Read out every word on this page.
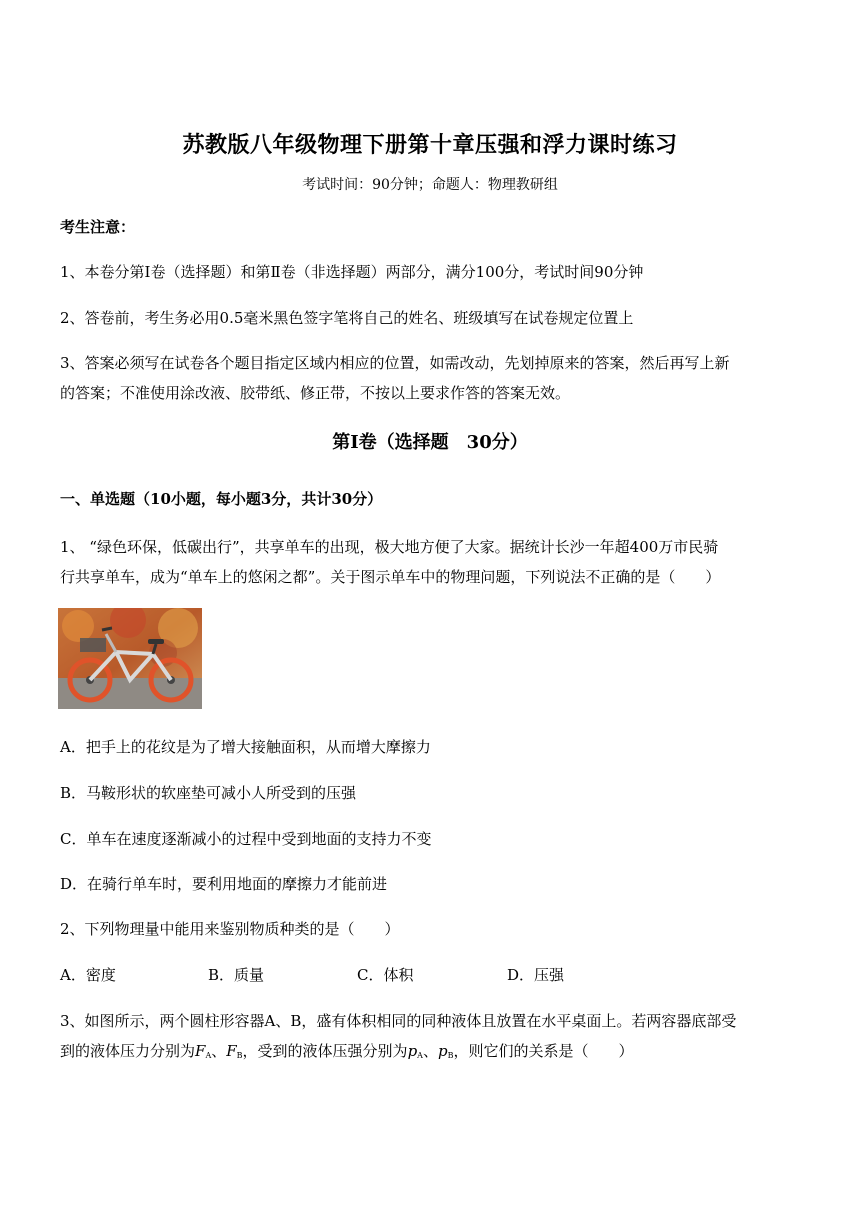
苏教版八年级物理下册第十章压强和浮力课时练习
考试时间：90分钟；命题人：物理教研组
考生注意：
1、本卷分第I卷（选择题）和第Ⅱ卷（非选择题）两部分，满分100分，考试时间90分钟
2、答卷前，考生务必用0.5毫米黑色签字笔将自己的姓名、班级填写在试卷规定位置上
3、答案必须写在试卷各个题目指定区域内相应的位置，如需改动，先划掉原来的答案，然后再写上新
的答案；不准使用涂改液、胶带纸、修正带，不按以上要求作答的答案无效。
第I卷（选择题　30分）
一、单选题（10小题，每小题3分，共计30分）
1、 “绿色环保，低碳出行”，共享单车的出现，极大地方便了大家。据统计长沙一年超400万市民骑
行共享单车，成为“单车上的悠闲之都”。关于图示单车中的物理问题，下列说法不正确的是（　　）
A．把手上的花纹是为了增大接触面积，从而增大摩擦力
B．马鞍形状的软座垫可减小人所受到的压强
C．单车在速度逐渐减小的过程中受到地面的支持力不变
D．在骑行单车时，要利用地面的摩擦力才能前进
2、下列物理量中能用来鉴别物质种类的是（　　）
A．密度	B．质量	C．体积	D．压强
3、如图所示，两个圆柱形容器A、B，盛有体积相同的同种液体且放置在水平桌面上。若两容器底部受
到的液体压力分别为$F_A$、$F_B$，受到的液体压强分别为$p_A$、$p_B$，则它们的关系是（　　）
